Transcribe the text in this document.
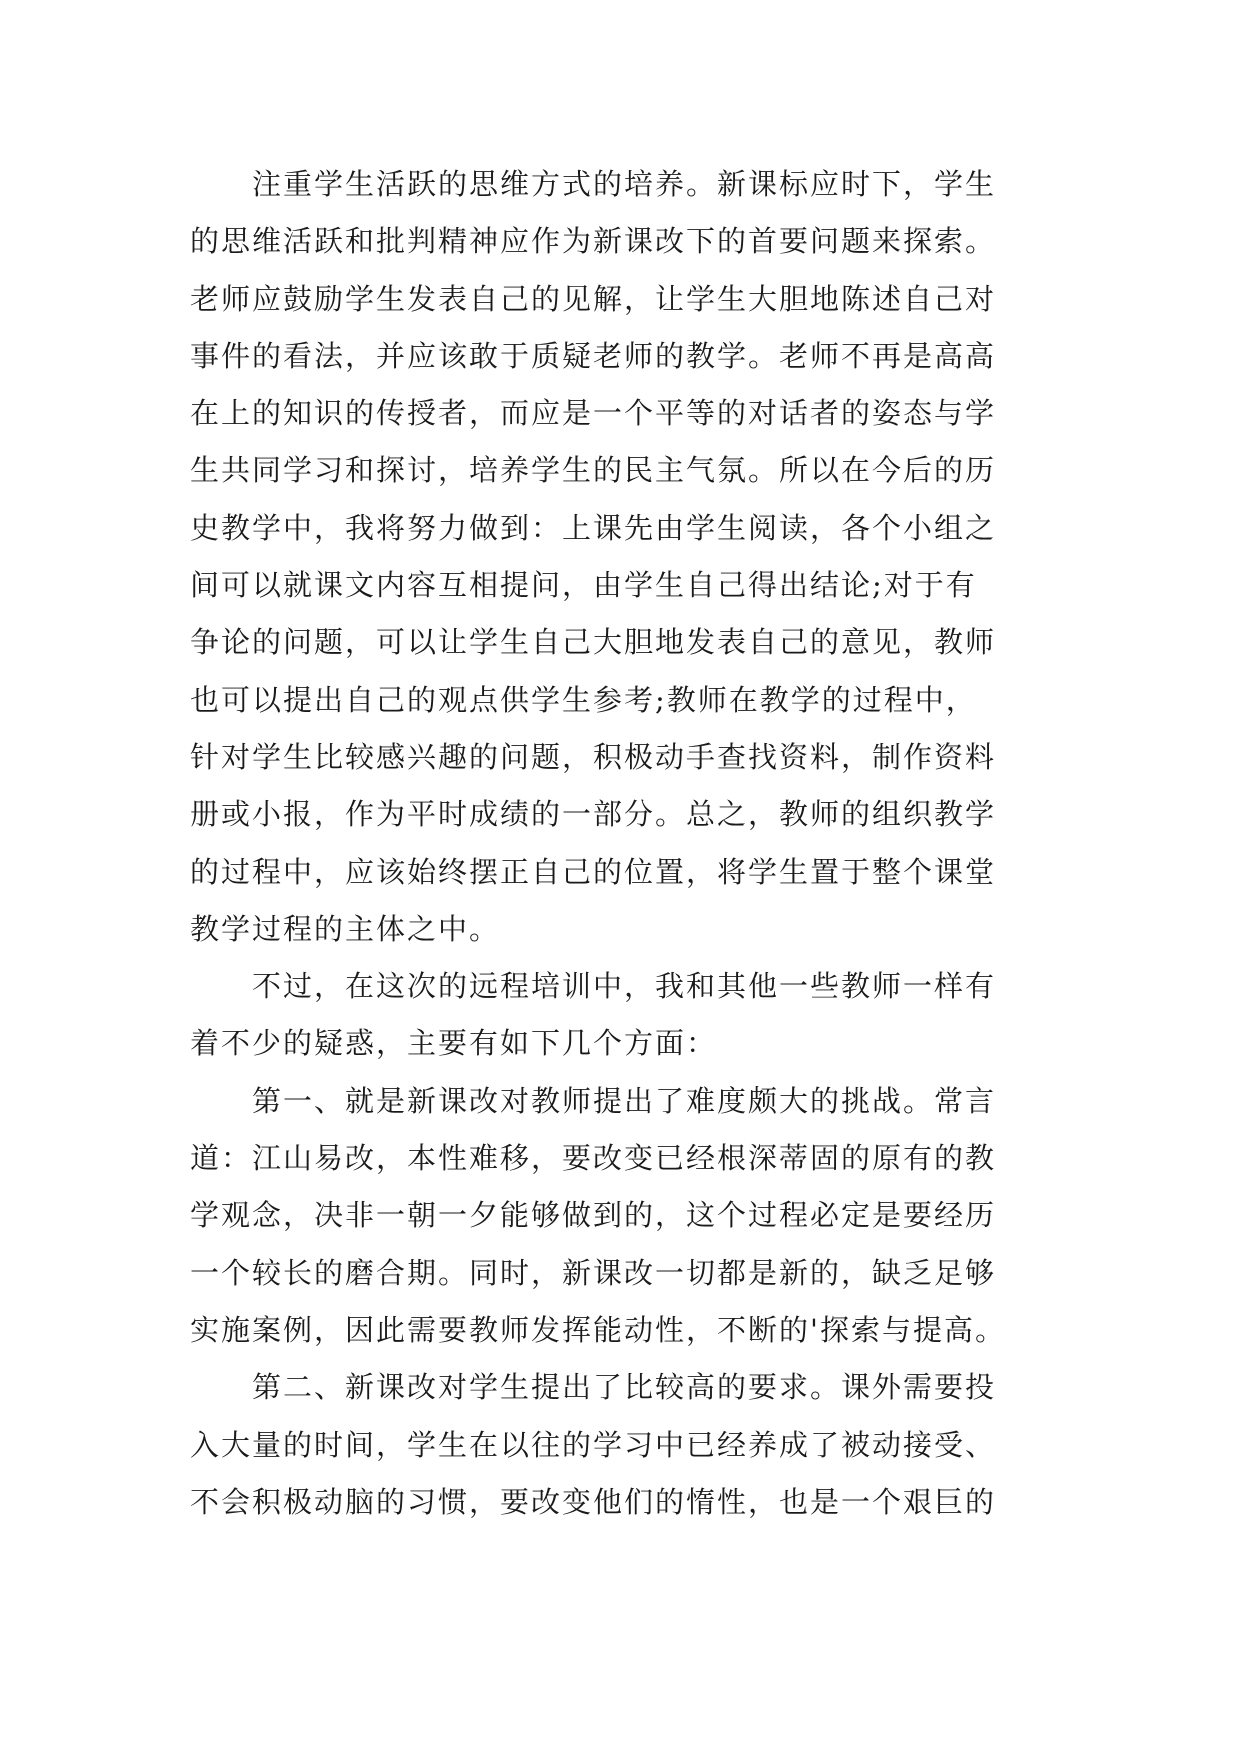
注重学生活跃的思维方式的培养。新课标应时下，学生
的思维活跃和批判精神应作为新课改下的首要问题来探索。
老师应鼓励学生发表自己的见解，让学生大胆地陈述自己对
事件的看法，并应该敢于质疑老师的教学。老师不再是高高
在上的知识的传授者，而应是一个平等的对话者的姿态与学
生共同学习和探讨，培养学生的民主气氛。所以在今后的历
史教学中，我将努力做到：上课先由学生阅读，各个小组之
间可以就课文内容互相提问，由学生自己得出结论;对于有
争论的问题，可以让学生自己大胆地发表自己的意见，教师
也可以提出自己的观点供学生参考;教师在教学的过程中，
针对学生比较感兴趣的问题，积极动手查找资料，制作资料
册或小报，作为平时成绩的一部分。总之，教师的组织教学
的过程中，应该始终摆正自己的位置，将学生置于整个课堂
教学过程的主体之中。
不过，在这次的远程培训中，我和其他一些教师一样有
着不少的疑惑，主要有如下几个方面：
第一、就是新课改对教师提出了难度颇大的挑战。常言
道：江山易改，本性难移，要改变已经根深蒂固的原有的教
学观念，决非一朝一夕能够做到的，这个过程必定是要经历
一个较长的磨合期。同时，新课改一切都是新的，缺乏足够
实施案例，因此需要教师发挥能动性，不断的'探索与提高。
第二、新课改对学生提出了比较高的要求。课外需要投
入大量的时间，学生在以往的学习中已经养成了被动接受、
不会积极动脑的习惯，要改变他们的惰性，也是一个艰巨的
